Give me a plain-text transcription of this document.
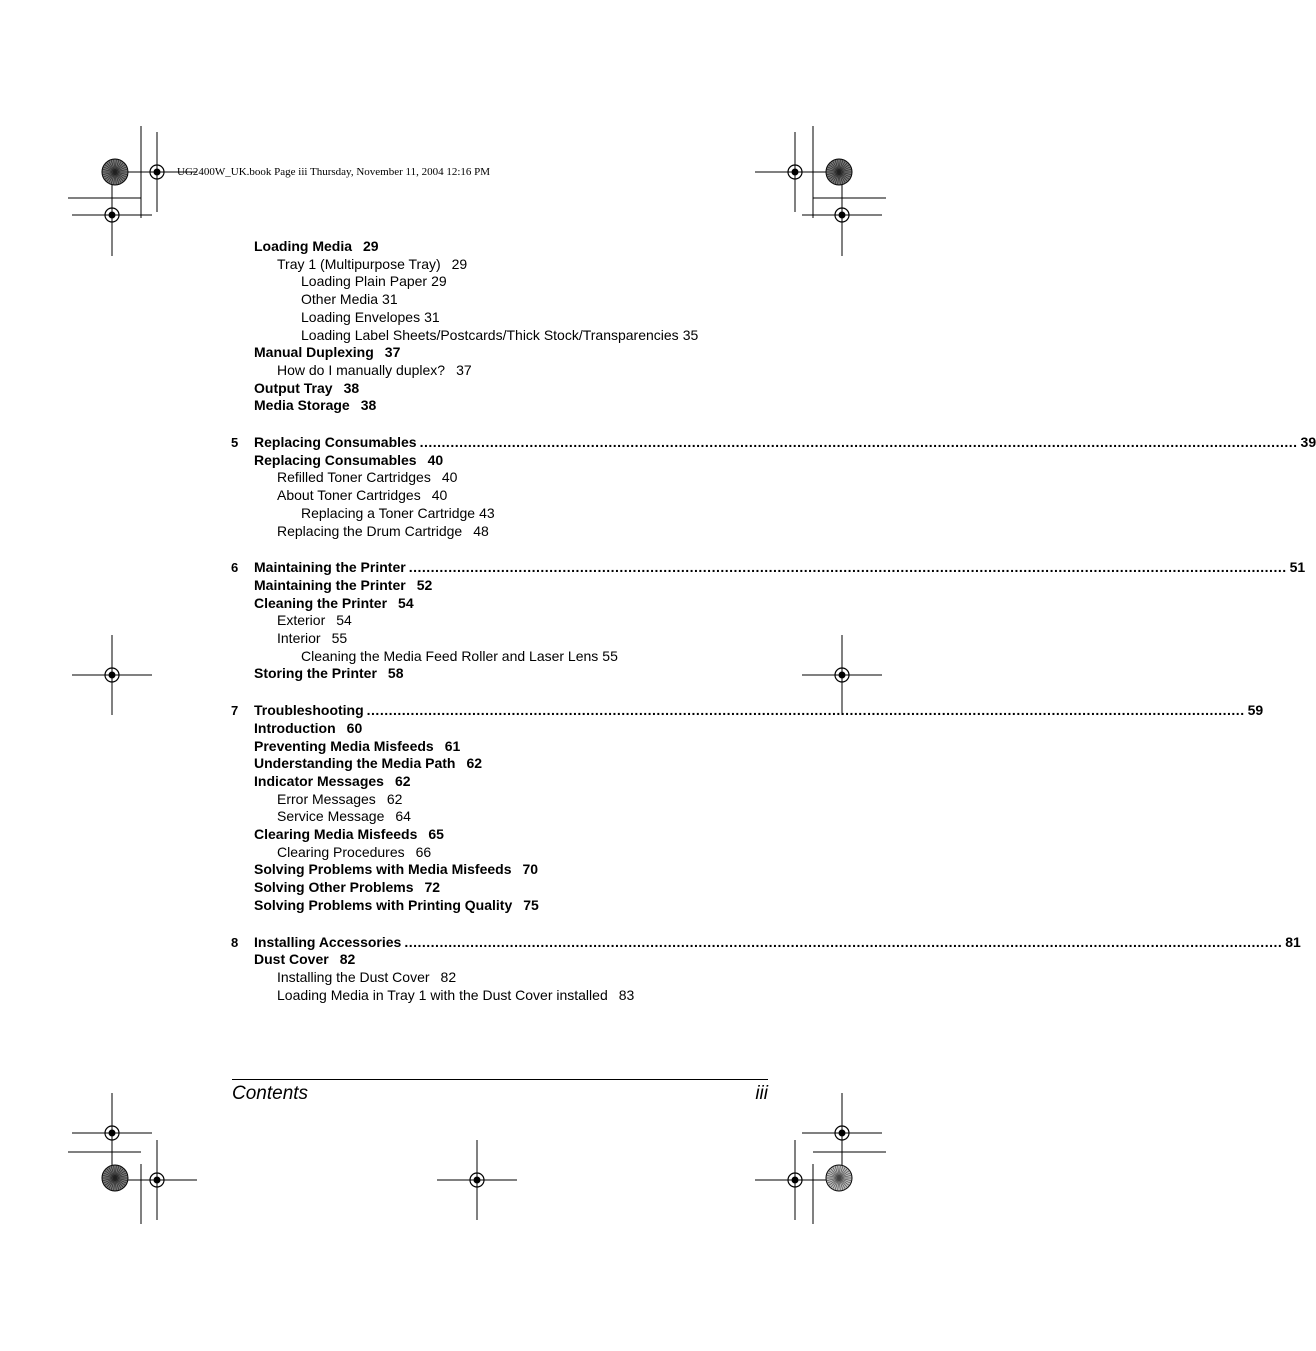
UG2400W_UK.book Page iii Thursday, November 11, 2004 12:16 PM
Loading Media 29
Tray 1 (Multipurpose Tray) 29
Loading Plain Paper 29
Other Media 31
Loading Envelopes 31
Loading Label Sheets/Postcards/Thick Stock/Transparencies 35
Manual Duplexing 37
How do I manually duplex? 37
Output Tray 38
Media Storage 38
5 Replacing Consumables ........................................................................................................................................................................................................ 39
Replacing Consumables 40
Refilled Toner Cartridges 40
About Toner Cartridges 40
Replacing a Toner Cartridge 43
Replacing the Drum Cartridge 48
6 Maintaining the Printer ........................................................................................................................................................................................................ 51
Maintaining the Printer 52
Cleaning the Printer 54
Exterior 54
Interior 55
Cleaning the Media Feed Roller and Laser Lens 55
Storing the Printer 58
7 Troubleshooting ........................................................................................................................................................................................................ 59
Introduction 60
Preventing Media Misfeeds 61
Understanding the Media Path 62
Indicator Messages 62
Error Messages 62
Service Message 64
Clearing Media Misfeeds 65
Clearing Procedures 66
Solving Problems with Media Misfeeds 70
Solving Other Problems 72
Solving Problems with Printing Quality 75
8 Installing Accessories ........................................................................................................................................................................................................ 81
Dust Cover 82
Installing the Dust Cover 82
Loading Media in Tray 1 with the Dust Cover installed 83
Contents	iii
